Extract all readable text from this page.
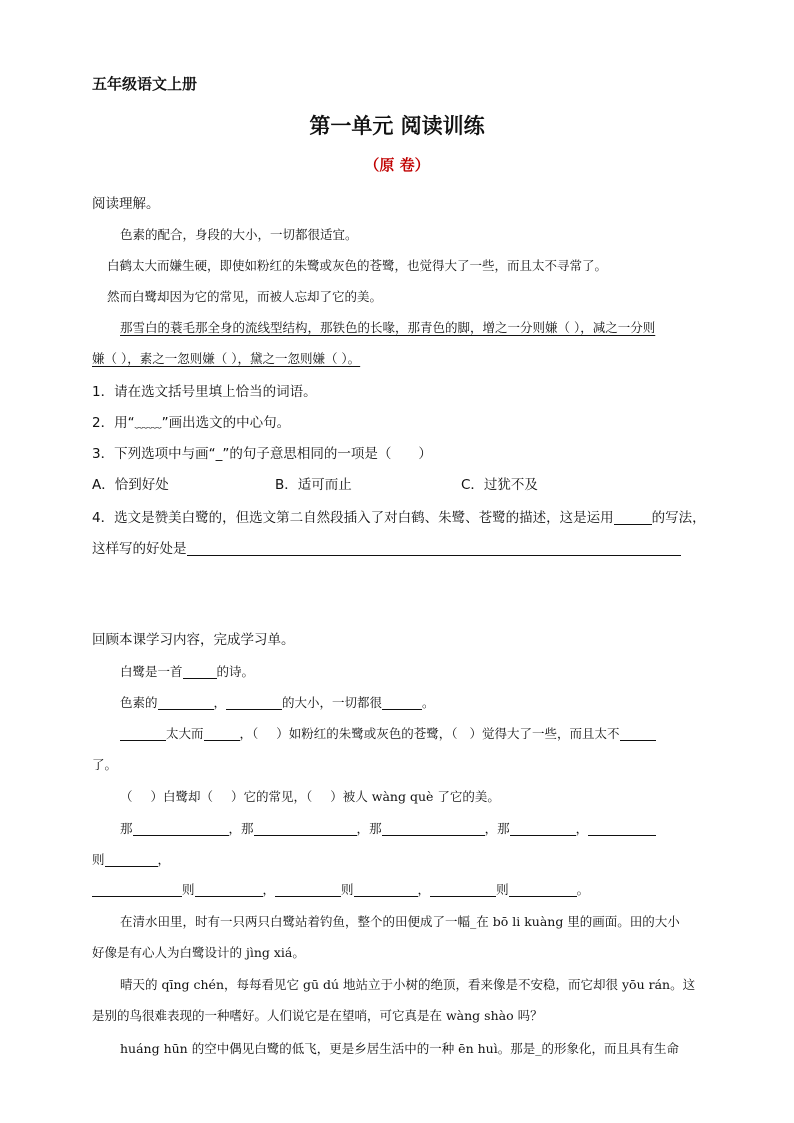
五年级语文上册
第一单元 阅读训练
（原 卷）
阅读理解。
色素的配合，身段的大小，一切都很适宜。
白鹤太大而嫌生硬，即使如粉红的朱鹭或灰色的苍鹭，也觉得大了一些，而且太不寻常了。
然而白鹭却因为它的常见，而被人忘却了它的美。
那雪白的蓑毛那全身的流线型结构，那铁色的长喙，那青色的脚，增之一分则嫌（ ），减之一分则
嫌（ ），素之一忽则嫌（ ），黛之一忽则嫌（ ）。
1．请在选文括号里填上恰当的词语。
2．用“﹏﹏”画出选文的中心句。
3．下列选项中与画“_”的句子意思相同的一项是（　　）
A．恰到好处	B．适可而止	C．过犹不及
4．选文是赞美白鹭的，但选文第二自然段插入了对白鹤、朱鹭、苍鹭的描述，这是运用	的写法，
这样写的好处是
回顾本课学习内容，完成学习单。
白鹭是一首	的诗。
色素的	，	的大小，一切都很	。
太大而	，（ ）如粉红的朱鹭或灰色的苍鹭，（ ）觉得大了一些，而且太不
了。
（ ）白鹭却（ ）它的常见，（ ）被人 wàng què 了它的美。
那	，那	，那	，那	，
则	，
则	，	则	，	则	。
在清水田里，时有一只两只白鹭站着钓鱼，整个的田便成了一幅_在 bō li kuàng 里的画面。田的大小
好像是有心人为白鹭设计的 jìng xiá。
晴天的 qīng chén，每每看见它 gū dú 地站立于小树的绝顶，看来像是不安稳，而它却很 yōu rán。这
是别的鸟很难表现的一种嗜好。人们说它是在望哨，可它真是在 wàng shào 吗？
huáng hūn 的空中偶见白鹭的低飞，更是乡居生活中的一种 ēn huì。那是_的形象化，而且具有生命
